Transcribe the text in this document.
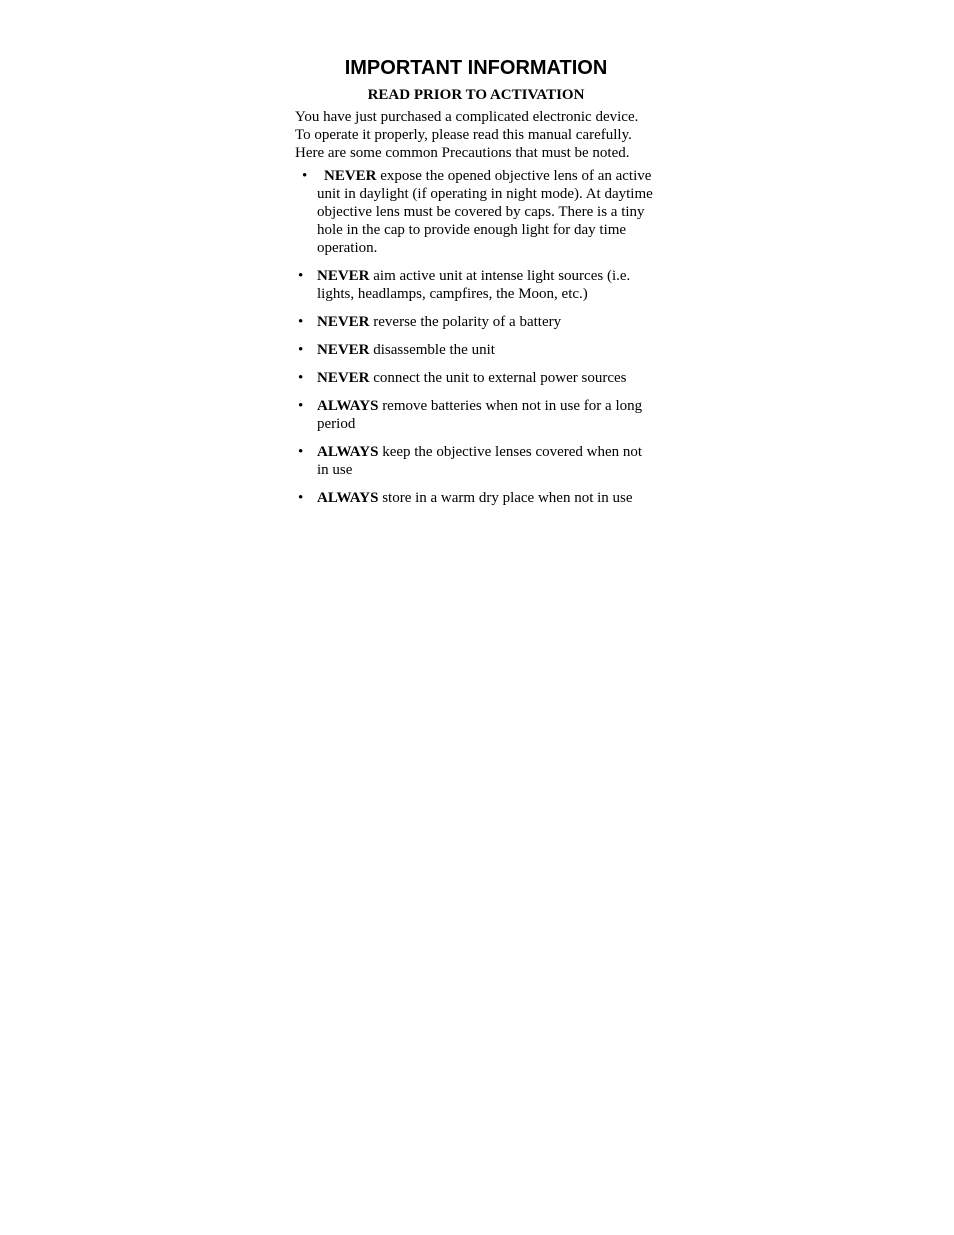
IMPORTANT INFORMATION
READ PRIOR TO ACTIVATION

You have just purchased a complicated electronic device. To operate it properly, please read this manual carefully. Here are some common Precautions that must be noted.

• NEVER expose the opened objective lens of an active unit in daylight (if operating in night mode). At daytime objective lens must be covered by caps. There is a tiny hole in the cap to provide enough light for day time operation.
• NEVER aim active unit at intense light sources (i.e. lights, headlamps, campfires, the Moon, etc.)
• NEVER reverse the polarity of a battery
• NEVER disassemble the unit
• NEVER connect the unit to external power sources
• ALWAYS remove batteries when not in use for a long period
• ALWAYS keep the objective lenses covered when not in use
• ALWAYS store in a warm dry place when not in use
